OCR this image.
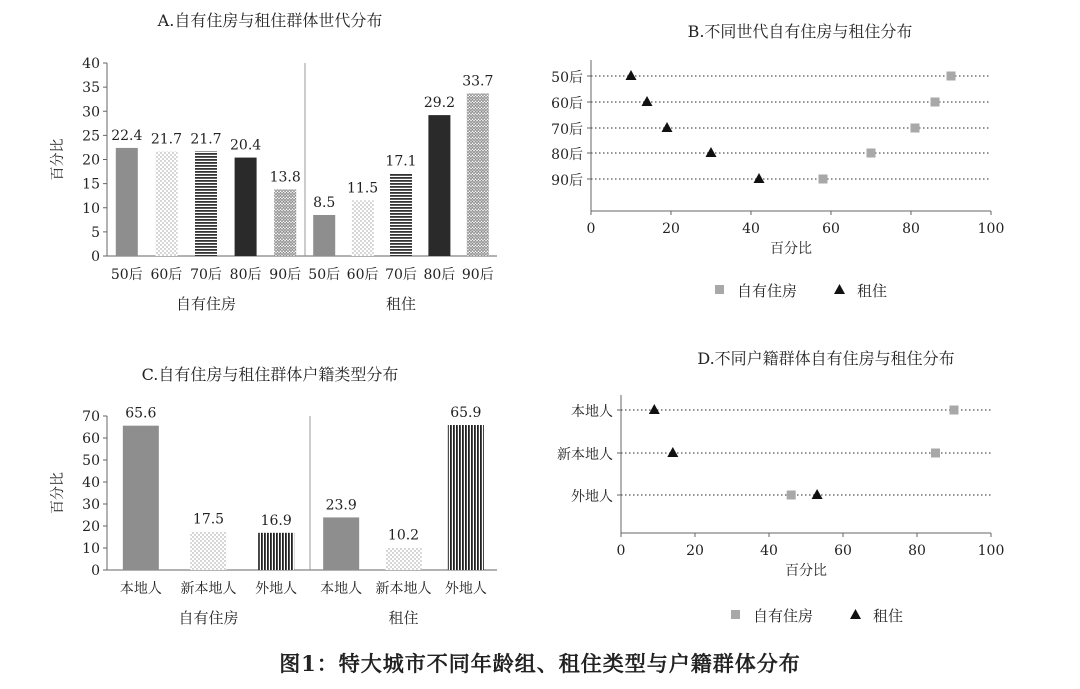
A.自有住房与租住群体世代分布
百分比
0
5
10
15
20
25
30
35
40
22.4
50后
21.7
60后
21.7
70后
20.4
80后
13.8
90后
自有住房
8.5
50后
11.5
60后
17.1
70后
29.2
80后
33.7
90后
租住
B.不同世代自有住房与租住分布
0	20	40	60	80	100
百分比
50后
60后
70后
80后
90后
自有住房	租住
C.自有住房与租住群体户籍类型分布
百分比
0
10
20
30
40
50
60
70 65.6
本地人
17.5
新本地人
16.9
外地人
自有住房
23.9
本地人
10.2
新本地人
65.9
外地人
租住
D.不同户籍群体自有住房与租住分布
0	20	40	60	80	100
百分比
本地人
新本地人
外地人
自有住房	租住
图1：特大城市不同年龄组、租住类型与户籍群体分布
